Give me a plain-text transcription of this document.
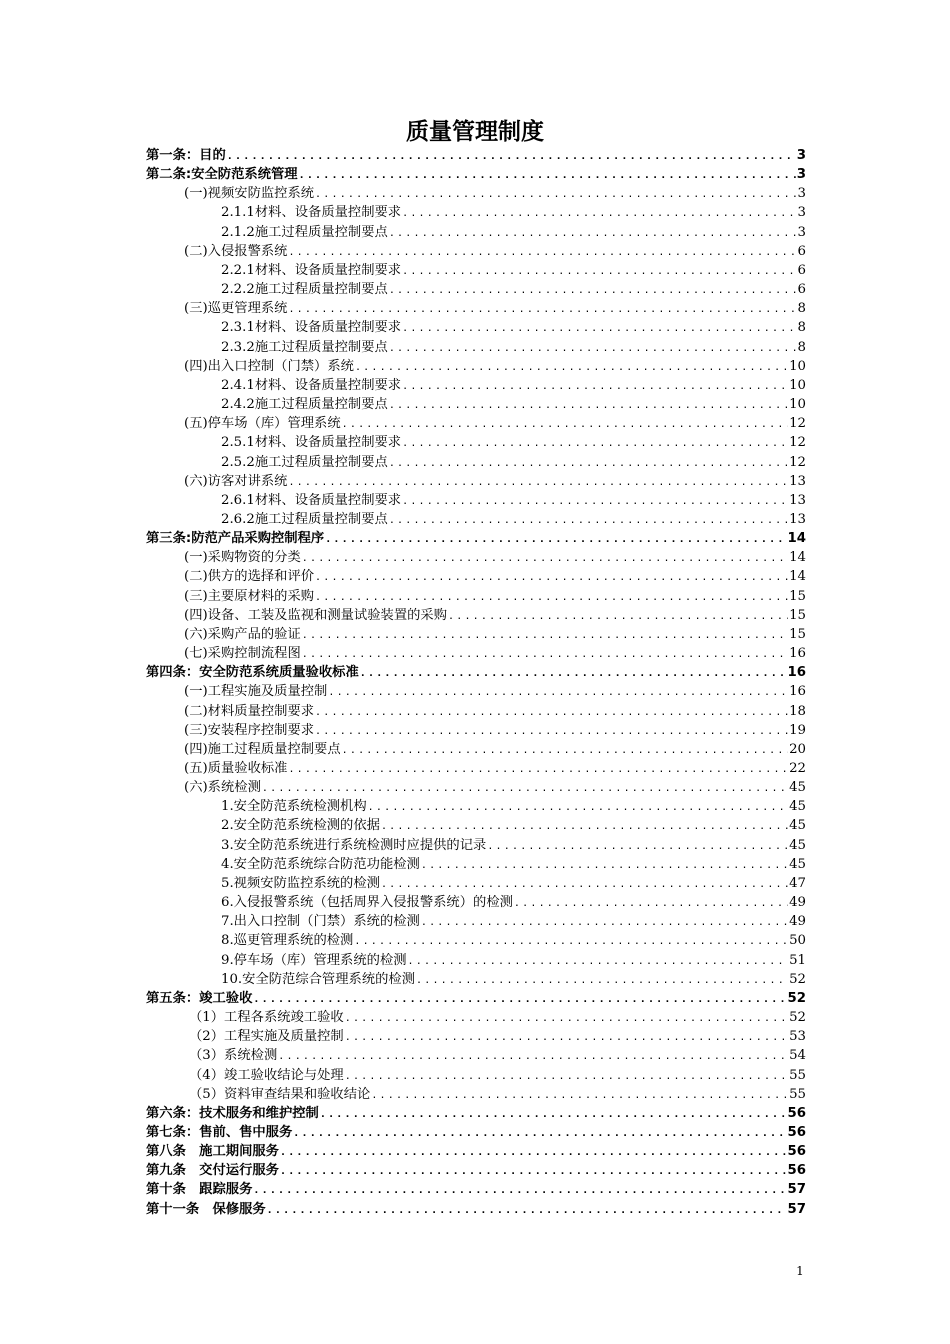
质量管理制度
第一条：目的 .....	3
第二条:安全防范系统管理 .....	3
(一)视频安防监控系统 .....	3
2.1.1材料、设备质量控制要求 .....	3
2.1.2施工过程质量控制要点 .....	3
(二)入侵报警系统 .....	6
2.2.1材料、设备质量控制要求 .....	6
2.2.2施工过程质量控制要点 .....	6
(三)巡更管理系统 .....	8
2.3.1材料、设备质量控制要求 .....	8
2.3.2施工过程质量控制要点 .....	8
(四)出入口控制（门禁）系统 .....	10
2.4.1材料、设备质量控制要求 .....	10
2.4.2施工过程质量控制要点 .....	10
(五)停车场（库）管理系统 .....	12
2.5.1材料、设备质量控制要求 .....	12
2.5.2施工过程质量控制要点 .....	12
(六)访客对讲系统 .....	13
2.6.1材料、设备质量控制要求 .....	13
2.6.2施工过程质量控制要点 .....	13
第三条:防范产品采购控制程序 .....	14
(一)采购物资的分类 .....	14
(二)供方的选择和评价 .....	14
(三)主要原材料的采购 .....	15
(四)设备、工装及监视和测量试验装置的采购 .....	15
(六)采购产品的验证 .....	15
(七)采购控制流程图 .....	16
第四条：安全防范系统质量验收标准 .....	16
(一)工程实施及质量控制 .....	16
(二)材料质量控制要求 .....	18
(三)安装程序控制要求 .....	19
(四)施工过程质量控制要点 .....	20
(五)质量验收标准 .....	22
(六)系统检测 .....	45
1.安全防范系统检测机构 .....	45
2.安全防范系统检测的依据 .....	45
3.安全防范系统进行系统检测时应提供的记录 .....	45
4.安全防范系统综合防范功能检测 .....	45
5.视频安防监控系统的检测 .....	47
6.入侵报警系统（包括周界入侵报警系统）的检测 .....	49
7.出入口控制（门禁）系统的检测 .....	49
8.巡更管理系统的检测 .....	50
9.停车场（库）管理系统的检测 .....	51
10.安全防范综合管理系统的检测 .....	52
第五条：竣工验收 .....	52
（1）工程各系统竣工验收 .....	52
（2）工程实施及质量控制 .....	53
（3）系统检测 .....	54
（4）竣工验收结论与处理 .....	55
（5）资料审查结果和验收结论 .....	55
第六条：技术服务和维护控制 .....	56
第七条：售前、售中服务 .....	56
第八条　施工期间服务 .....	56
第九条　交付运行服务 .....	56
第十条　跟踪服务 .....	57
第十一条　保修服务 .....	57
1
